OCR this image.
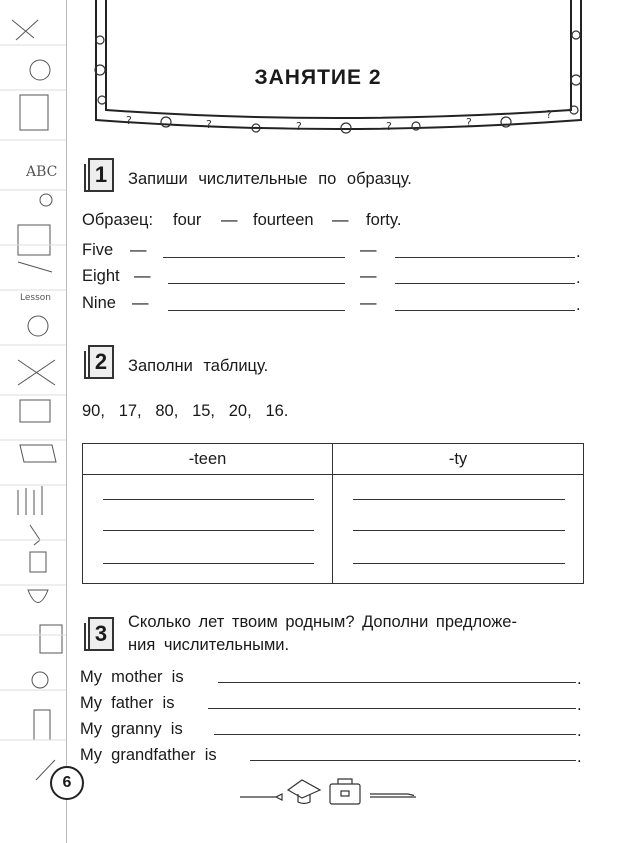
ABC
Lesson
?	?	?	?	?
?
ЗАНЯТИЕ 2
1	Запиши числительные по образцу.
Образец: four — fourteen — forty.
Five —	—	.
Eight —	—	.
Nine —	—	.
2	Заполни таблицу.
90,   17,   80,   15,   20,   16.
-teen	-ty

3	Сколько лет твоим родным? Дополни предложе-
ния числительными.
My  mother  is	.
My  father  is	.
My  granny  is	.
My  grandfather  is	.
6
